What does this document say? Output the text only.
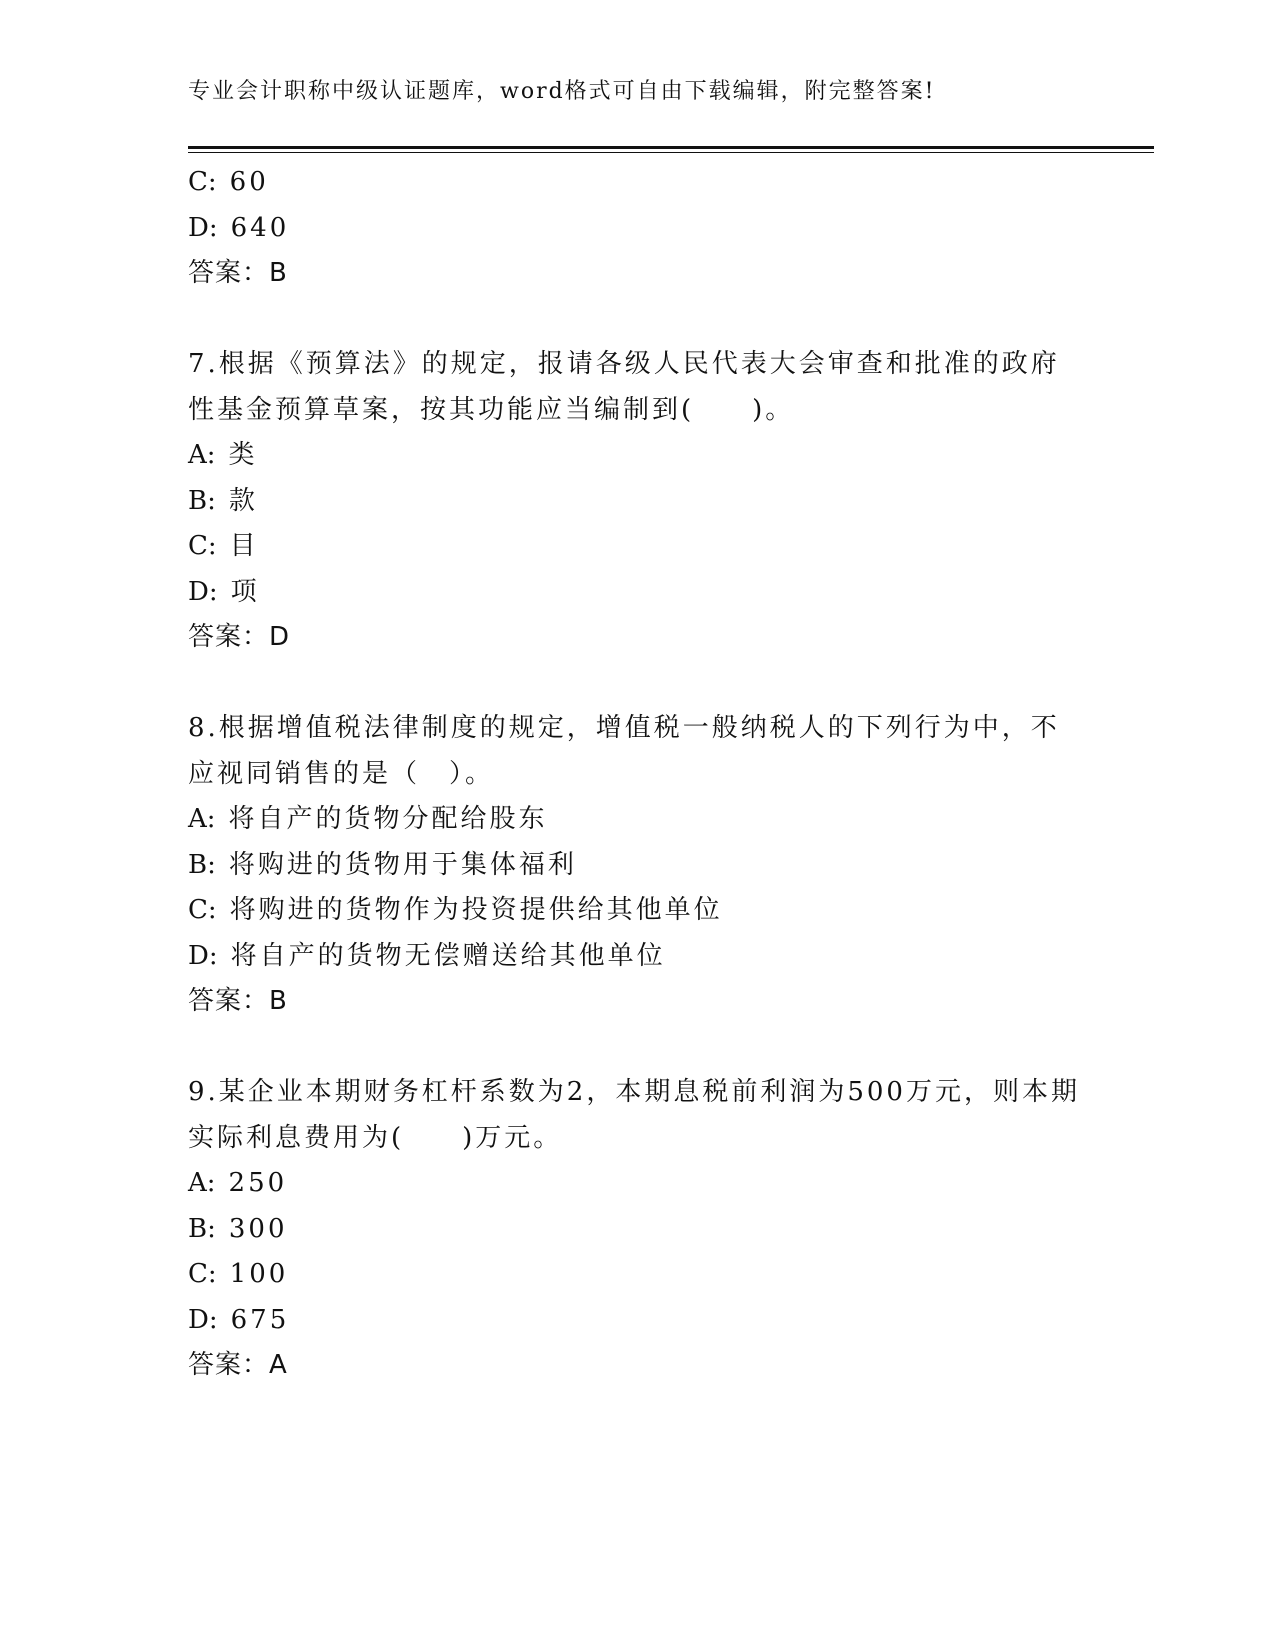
专业会计职称中级认证题库，word格式可自由下载编辑，附完整答案!
C: 60
D: 640
答案：B
7.根据《预算法》的规定，报请各级人民代表大会审查和批准的政府
性基金预算草案，按其功能应当编制到(　　)。
A: 类
B: 款
C: 目
D: 项
答案：D
8.根据增值税法律制度的规定，增值税一般纳税人的下列行为中，不
应视同销售的是（　）。
A: 将自产的货物分配给股东
B: 将购进的货物用于集体福利
C: 将购进的货物作为投资提供给其他单位
D: 将自产的货物无偿赠送给其他单位
答案：B
9.某企业本期财务杠杆系数为2，本期息税前利润为500万元，则本期
实际利息费用为(　　)万元。
A: 250
B: 300
C: 100
D: 675
答案：A
